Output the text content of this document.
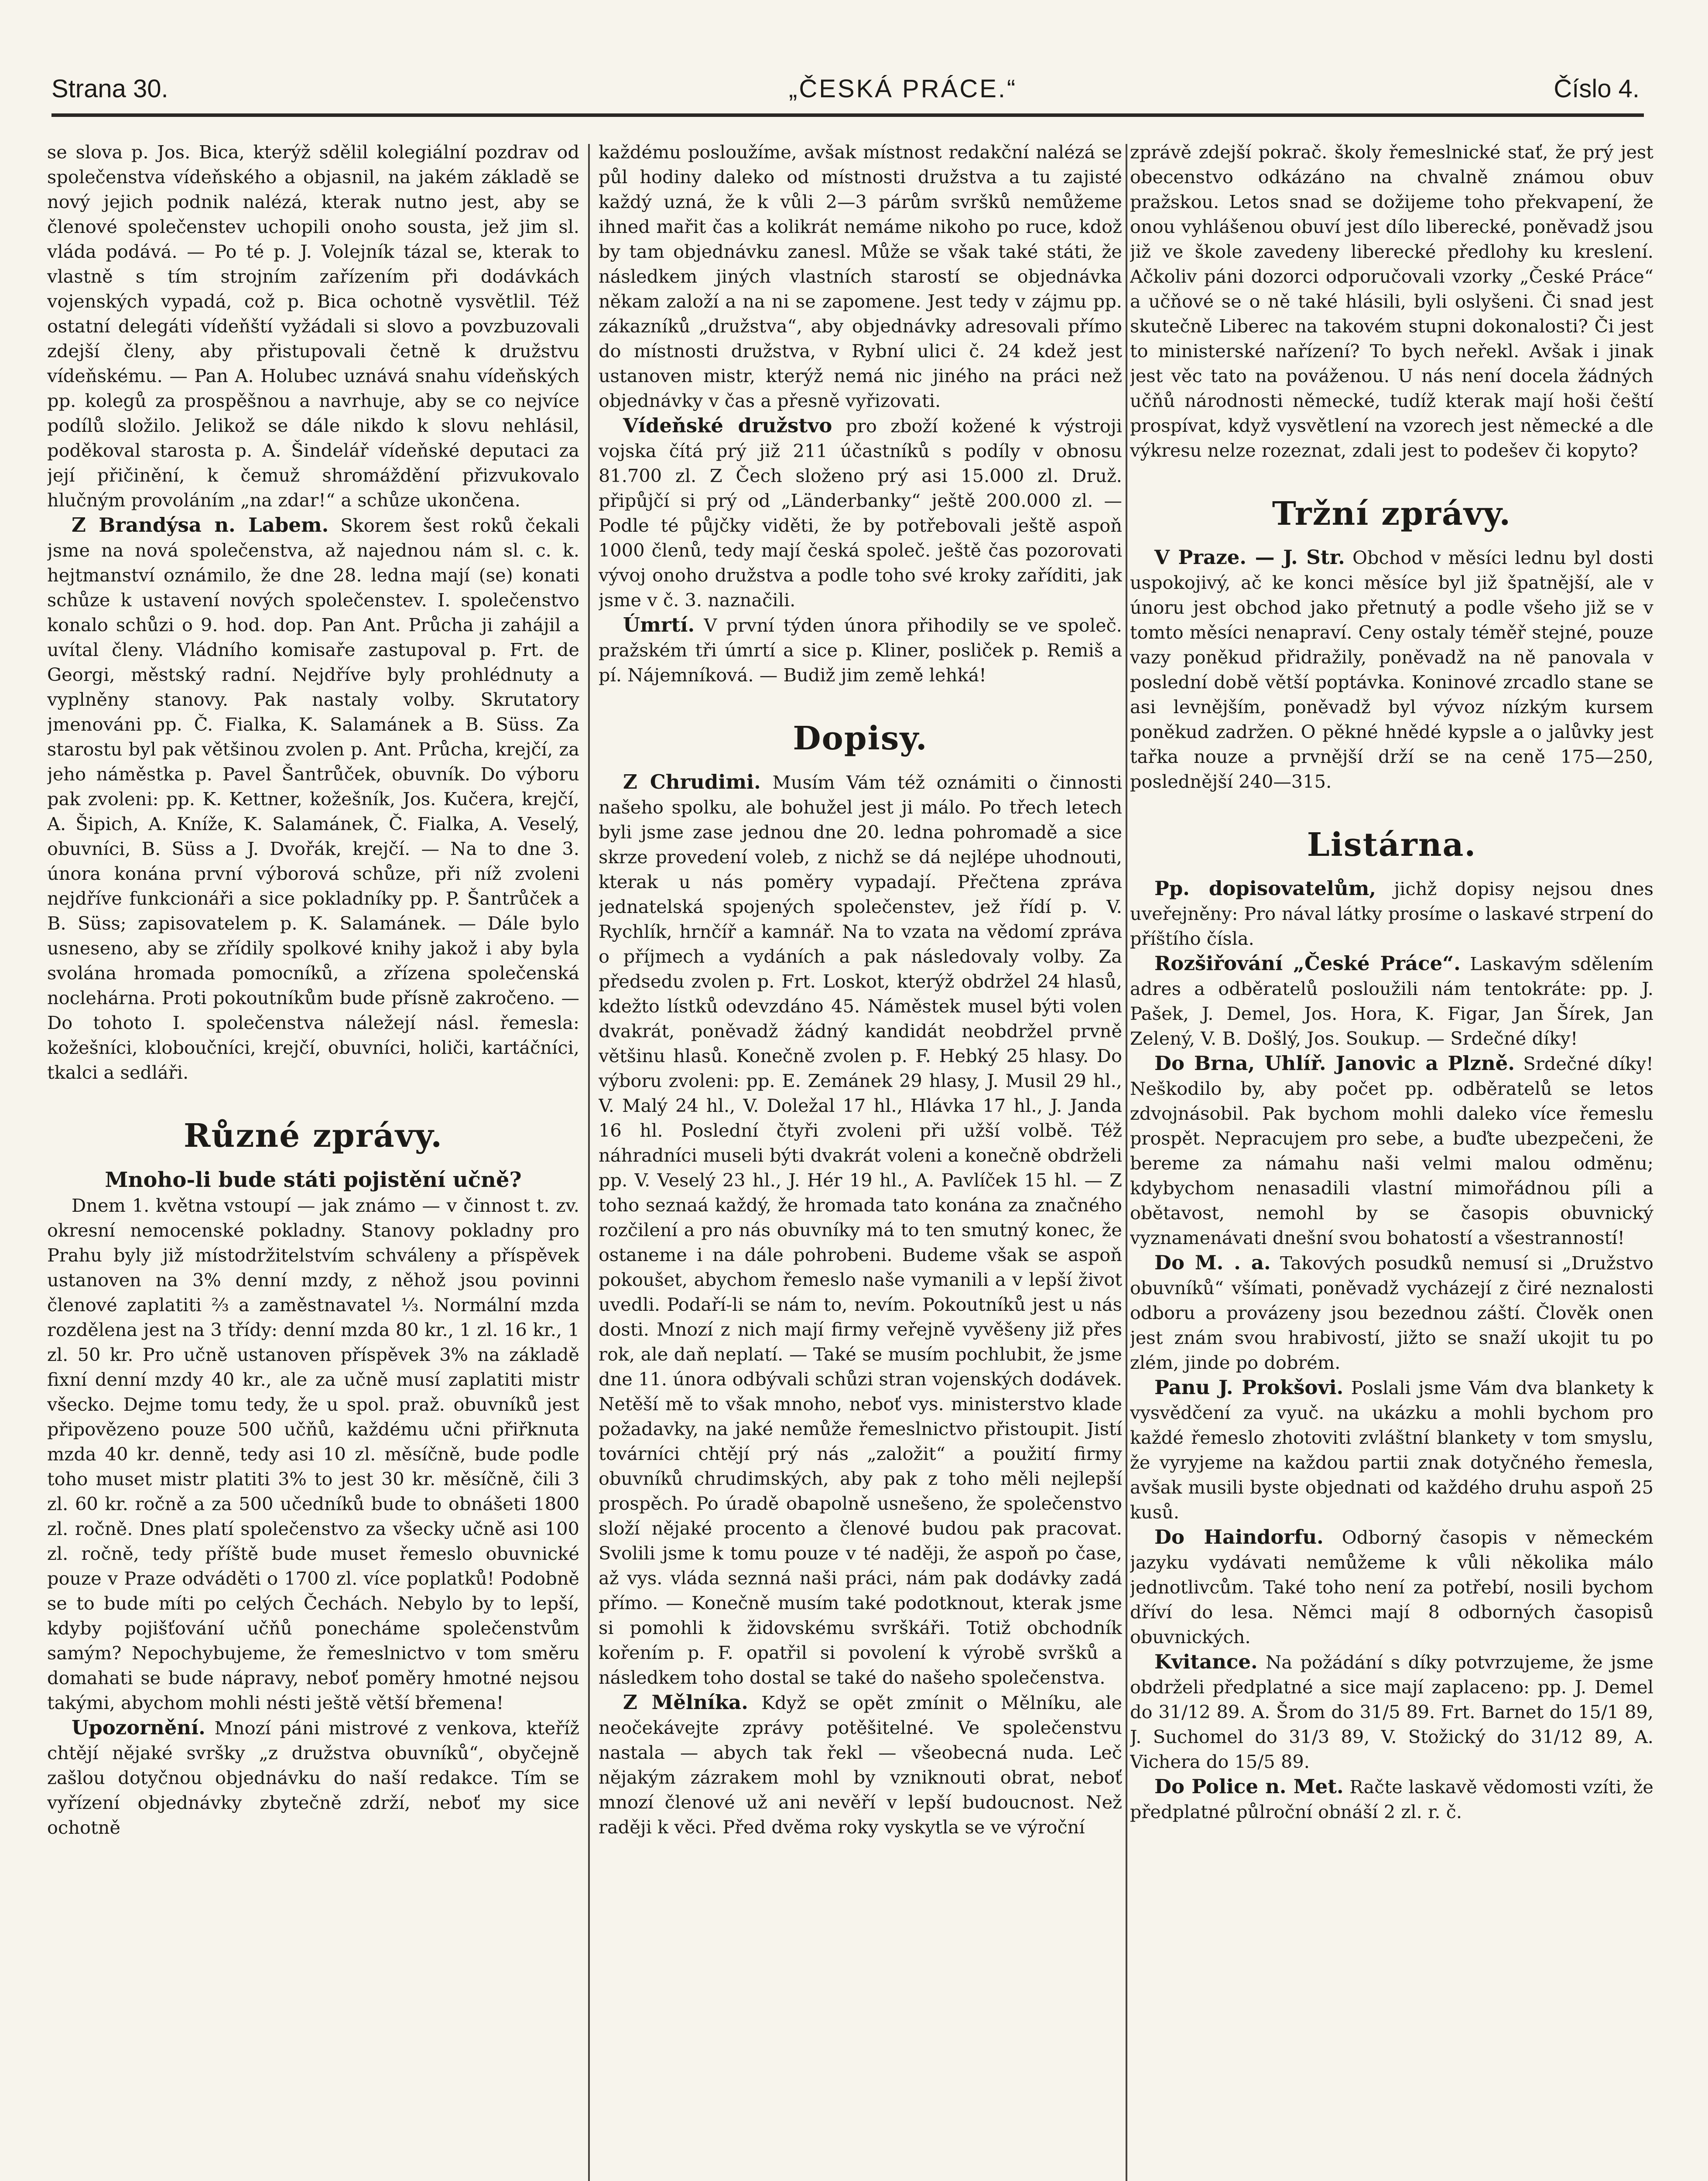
Strana 30.	„ČESKÁ PRÁCE.“	Číslo 4.

se slova p. Jos. Bica, kterýž sdělil kolegiální pozdrav od společenstva vídeňského a objasnil, na jakém základě se nový jejich podnik nalézá, kterak nutno jest, aby se členové společenstev uchopili onoho sousta, jež jim sl. vláda podává. — Po té p. J. Volejník tázal se, kterak to vlastně s tím strojním zařízením při dodávkách vojenských vypadá, což p. Bica ochotně vysvětlil. Též ostatní delegáti vídeňští vyžádali si slovo a povzbuzovali zdejší členy, aby přistupovali četně k družstvu vídeňskému. — Pan A. Holubec uznává snahu vídeňských pp. kolegů za prospěšnou a navrhuje, aby se co nejvíce podílů složilo. Jelikož se dále nikdo k slovu nehlásil, poděkoval starosta p. A. Šindelář vídeňské deputaci za její přičinění, k čemuž shromáždění přizvukovalo hlučným provoláním „na zdar!“ a schůze ukončena.

Z Brandýsa n. Labem. Skorem šest roků čekali jsme na nová společenstva, až najednou nám sl. c. k. hejtmanství oznámilo, že dne 28. ledna mají (se) konati schůze k ustavení nových společenstev. I. společenstvo konalo schůzi o 9. hod. dop. Pan Ant. Průcha ji zahájil a uvítal členy. Vládního komisaře zastupoval p. Frt. de Georgi, městský radní. Nejdříve byly prohlédnuty a vyplněny stanovy. Pak nastaly volby. Skrutatory jmenováni pp. Č. Fialka, K. Salamánek a B. Süss. Za starostu byl pak většinou zvolen p. Ant. Průcha, krejčí, za jeho náměstka p. Pavel Šantrůček, obuvník. Do výboru pak zvoleni: pp. K. Kettner, kožešník, Jos. Kučera, krejčí, A. Šipich, A. Kníže, K. Salamánek, Č. Fialka, A. Veselý, obuvníci, B. Süss a J. Dvořák, krejčí. — Na to dne 3. února konána první výborová schůze, při níž zvoleni nejdříve funkcionáři a sice pokladníky pp. P. Šantrůček a B. Süss; zapisovatelem p. K. Salamánek. — Dále bylo usneseno, aby se zřídily spolkové knihy jakož i aby byla svolána hromada pomocníků, a zřízena společenská noclehárna. Proti pokoutníkům bude přísně zakročeno. — Do tohoto I. společenstva náležejí násl. řemesla: kožešníci, kloboučníci, krejčí, obuvníci, holiči, kartáčníci, tkalci a sedláři.

Různé zprávy.
Mnoho-li bude státi pojistění učně?

Dnem 1. května vstoupí — jak známo — v činnost t. zv. okresní nemocenské pokladny. Stanovy pokladny pro Prahu byly již místodržitelstvím schváleny a příspěvek ustanoven na 3% denní mzdy, z něhož jsou povinni členové zaplatiti ⅔ a zaměstnavatel ⅓. Normální mzda rozdělena jest na 3 třídy: denní mzda 80 kr., 1 zl. 16 kr., 1 zl. 50 kr. Pro učně ustanoven příspěvek 3% na základě fixní denní mzdy 40 kr., ale za učně musí zaplatiti mistr všecko. Dejme tomu tedy, že u spol. praž. obuvníků jest připovězeno pouze 500 učňů, každému učni přiřknuta mzda 40 kr. denně, tedy asi 10 zl. měsíčně, bude podle toho muset mistr platiti 3% to jest 30 kr. měsíčně, čili 3 zl. 60 kr. ročně a za 500 učedníků bude to obnášeti 1800 zl. ročně. Dnes platí společenstvo za všecky učně asi 100 zl. ročně, tedy příště bude muset řemeslo obuvnické pouze v Praze odváděti o 1700 zl. více poplatků! Podobně se to bude míti po celých Čechách. Nebylo by to lepší, kdyby pojišťování učňů ponecháme společenstvům samým? Nepochybujeme, že řemeslnictvo v tom směru domahati se bude nápravy, neboť poměry hmotné nejsou takými, abychom mohli nésti ještě větší břemena!

Upozornění. Mnozí páni mistrové z venkova, kteříž chtějí nějaké svršky „z družstva obuvníků“, obyčejně zašlou dotyčnou objednávku do naší redakce. Tím se vyřízení objednávky zbytečně zdrží, neboť my sice ochotně

každému posloužíme, avšak místnost redakční nalézá se půl hodiny daleko od místnosti družstva a tu zajisté každý uzná, že k vůli 2—3 párům svršků nemůžeme ihned mařit čas a kolikrát nemáme nikoho po ruce, kdož by tam objednávku zanesl. Může se však také státi, že následkem jiných vlastních starostí se objednávka někam založí a na ni se zapomene. Jest tedy v zájmu pp. zákazníků „družstva“, aby objednávky adresovali přímo do místnosti družstva, v Rybní ulici č. 24 kdež jest ustanoven mistr, kterýž nemá nic jiného na práci než objednávky v čas a přesně vyřizovati.

Vídeňské družstvo pro zboží kožené k výstroji vojska čítá prý již 211 účastníků s podíly v obnosu 81.700 zl. Z Čech složeno prý asi 15.000 zl. Druž. připůjčí si prý od „Länderbanky“ ještě 200.000 zl. — Podle té půjčky viděti, že by potřebovali ještě aspoň 1000 členů, tedy mají česká společ. ještě čas pozorovati vývoj onoho družstva a podle toho své kroky zaříditi, jak jsme v č. 3. naznačili.

Úmrtí. V první týden února přihodily se ve společ. pražském tři úmrtí a sice p. Kliner, posliček p. Remiš a pí. Nájemníková. — Budiž jim země lehká!

Dopisy.

Z Chrudimi. Musím Vám též oznámiti o činnosti našeho spolku, ale bohužel jest ji málo. Po třech letech byli jsme zase jednou dne 20. ledna pohromadě a sice skrze provedení voleb, z nichž se dá nejlépe uhodnouti, kterak u nás poměry vypadají. Přečtena zpráva jednatelská spojených společenstev, jež řídí p. V. Rychlík, hrnčíř a kamnář. Na to vzata na vědomí zpráva o příjmech a vydáních a pak následovaly volby. Za předsedu zvolen p. Frt. Loskot, kterýž obdržel 24 hlasů, kdežto lístků odevzdáno 45. Náměstek musel býti volen dvakrát, poněvadž žádný kandidát neobdržel prvně většinu hlasů. Konečně zvolen p. F. Hebký 25 hlasy. Do výboru zvoleni: pp. E. Zemánek 29 hlasy, J. Musil 29 hl., V. Malý 24 hl., V. Doležal 17 hl., Hlávka 17 hl., J. Janda 16 hl. Poslední čtyři zvoleni při užší volbě. Též náhradníci museli býti dvakrát voleni a konečně obdrželi pp. V. Veselý 23 hl., J. Hér 19 hl., A. Pavlíček 15 hl. — Z toho seznaá každý, že hromada tato konána za značného rozčilení a pro nás obuvníky má to ten smutný konec, že ostaneme i na dále pohrobeni. Budeme však se aspoň pokoušet, abychom řemeslo naše vymanili a v lepší život uvedli. Podaří-li se nám to, nevím. Pokoutníků jest u nás dosti. Mnozí z nich mají firmy veřejně vyvěšeny již přes rok, ale daň neplatí. — Také se musím pochlubit, že jsme dne 11. února odbývali schůzi stran vojenských dodávek. Netěší mě to však mnoho, neboť vys. ministerstvo klade požadavky, na jaké nemůže řemeslnictvo přistoupit. Jistí továrníci chtějí prý nás „založit“ a použití firmy obuvníků chrudimských, aby pak z toho měli nejlepší prospěch. Po úradě obapolně usnešeno, že společenstvo složí nějaké procento a členové budou pak pracovat. Svolili jsme k tomu pouze v té naději, že aspoň po čase, až vys. vláda seznná naši práci, nám pak dodávky zadá přímo. — Konečně musím také podotknout, kterak jsme si pomohli k židovskému svrškáři. Totiž obchodník kořením p. F. opatřil si povolení k výrobě svršků a následkem toho dostal se také do našeho společenstva.

Z Mělníka. Když se opět zmínit o Mělníku, ale neočekávejte zprávy potěšitelné. Ve společenstvu nastala — abych tak řekl — všeobecná nuda. Leč nějakým zázrakem mohl by vzniknouti obrat, neboť mnozí členové už ani nevěří v lepší budoucnost. Než raději k věci. Před dvěma roky vyskytla se ve výroční

zprávě zdejší pokrač. školy řemeslnické stať, že prý jest obecenstvo odkázáno na chvalně známou obuv pražskou. Letos snad se dožijeme toho překvapení, že onou vyhlášenou obuví jest dílo liberecké, poněvadž jsou již ve škole zavedeny liberecké předlohy ku kreslení. Ačkoliv páni dozorci odporučovali vzorky „České Práce“ a učňové se o ně také hlásili, byli oslyšeni. Či snad jest skutečně Liberec na takovém stupni dokonalosti? Či jest to ministerské nařízení? To bych neřekl. Avšak i jinak jest věc tato na pováženou. U nás není docela žádných učňů národnosti německé, tudíž kterak mají hoši čeští prospívat, když vysvětlení na vzorech jest německé a dle výkresu nelze rozeznat, zdali jest to podešev či kopyto?

Tržní zprávy.

V Praze. — J. Str. Obchod v měsíci lednu byl dosti uspokojivý, ač ke konci měsíce byl již špatnější, ale v únoru jest obchod jako přetnutý a podle všeho již se v tomto měsíci nenapraví. Ceny ostaly téměř stejné, pouze vazy poněkud přidražily, poněvadž na ně panovala v poslední době větší poptávka. Koninové zrcadlo stane se asi levnějším, poněvadž byl vývoz nízkým kursem poněkud zadržen. O pěkné hnědé kypsle a o jalůvky jest tařka nouze a prvnější drží se na ceně 175—250, poslednější 240—315.

Listárna.

Pp. dopisovatelům, jichž dopisy nejsou dnes uveřejněny: Pro nával látky prosíme o laskavé strpení do příštího čísla.

Rozšiřování „České Práce“. Laskavým sdělením adres a odběratelů posloužili nám tentokráte: pp. J. Pašek, J. Demel, Jos. Hora, K. Figar, Jan Šírek, Jan Zelený, V. B. Došlý, Jos. Soukup. — Srdečné díky!

Do Brna, Uhlíř. Janovic a Plzně. Srdečné díky! Neškodilo by, aby počet pp. odběratelů se letos zdvojnásobil. Pak bychom mohli daleko více řemeslu prospět. Nepracujem pro sebe, a buďte ubezpečeni, že bereme za námahu naši velmi malou odměnu; kdybychom nenasadili vlastní mimořádnou píli a obětavost, nemohl by se časopis obuvnický vyznamenávati dnešní svou bohatostí a všestranností!

Do M. . a. Takových posudků nemusí si „Družstvo obuvníků“ všímati, poněvadž vycházejí z čiré neznalosti odboru a provázeny jsou bezednou záští. Člověk onen jest znám svou hrabivostí, jižto se snaží ukojit tu po zlém, jinde po dobrém.

Panu J. Prokšovi. Poslali jsme Vám dva blankety k vysvědčení za vyuč. na ukázku a mohli bychom pro každé řemeslo zhotoviti zvláštní blankety v tom smyslu, že vyryjeme na každou partii znak dotyčného řemesla, avšak musili byste objednati od každého druhu aspoň 25 kusů.

Do Haindorfu. Odborný časopis v německém jazyku vydávati nemůžeme k vůli několika málo jednotlivcům. Také toho není za potřebí, nosili bychom dříví do lesa. Němci mají 8 odborných časopisů obuvnických.

Kvitance. Na požádání s díky potvrzujeme, že jsme obdrželi předplatné a sice mají zaplaceno: pp. J. Demel do 31/12 89. A. Šrom do 31/5 89. Frt. Barnet do 15/1 89, J. Suchomel do 31/3 89, V. Stožický do 31/12 89, A. Vichera do 15/5 89.

Do Police n. Met. Račte laskavě vědomosti vzíti, že předplatné půlroční obnáší 2 zl. r. č.
